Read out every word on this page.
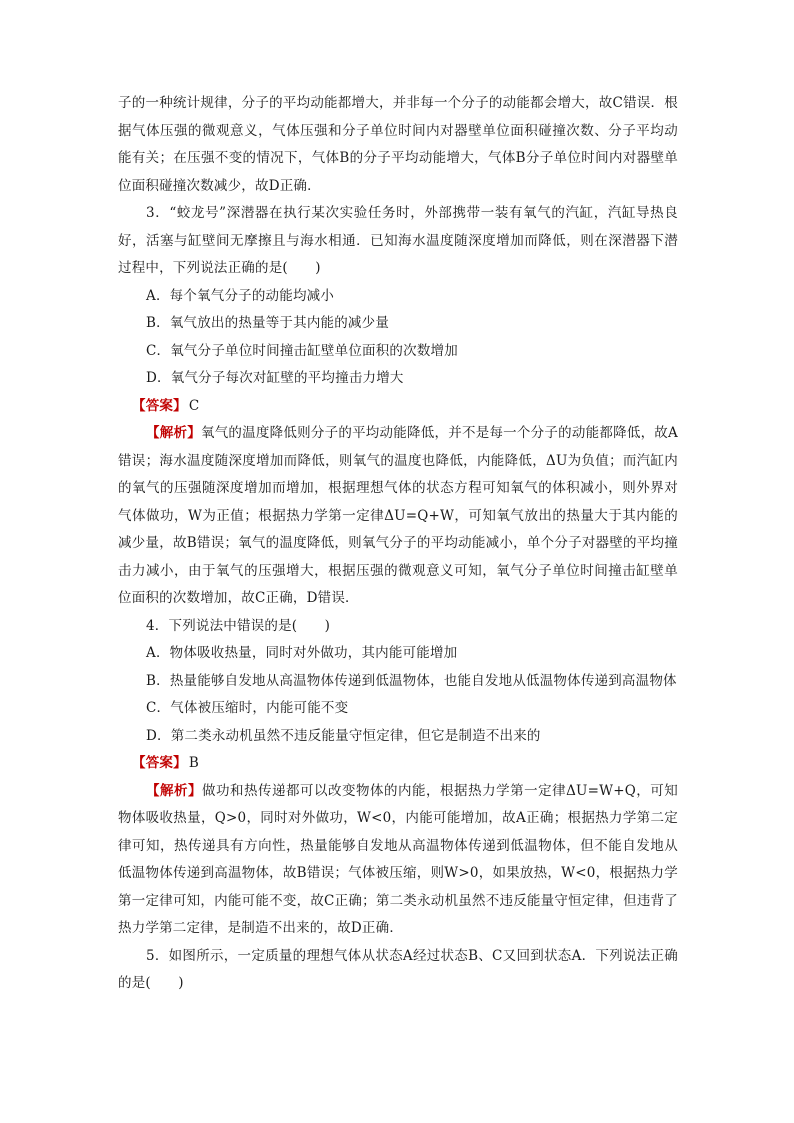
子的一种统计规律，分子的平均动能都增大，并非每一个分子的动能都会增大，故C错误．根据气体压强的微观意义，气体压强和分子单位时间内对器壁单位面积碰撞次数、分子平均动能有关；在压强不变的情况下，气体B的分子平均动能增大，气体B分子单位时间内对器壁单位面积碰撞次数减少，故D正确．

3．“蛟龙号”深潜器在执行某次实验任务时，外部携带一装有氧气的汽缸，汽缸导热良好，活塞与缸壁间无摩擦且与海水相通．已知海水温度随深度增加而降低，则在深潜器下潜过程中，下列说法正确的是(　　)

A．每个氧气分子的动能均减小

B．氧气放出的热量等于其内能的减少量

C．氧气分子单位时间撞击缸壁单位面积的次数增加

D．氧气分子每次对缸壁的平均撞击力增大

【答案】 C

【解析】氧气的温度降低则分子的平均动能降低，并不是每一个分子的动能都降低，故A错误；海水温度随深度增加而降低，则氧气的温度也降低，内能降低，ΔU为负值；而汽缸内的氧气的压强随深度增加而增加，根据理想气体的状态方程可知氧气的体积减小，则外界对气体做功，W为正值；根据热力学第一定律ΔU=Q+W，可知氧气放出的热量大于其内能的减少量，故B错误；氧气的温度降低，则氧气分子的平均动能减小，单个分子对器壁的平均撞击力减小，由于氧气的压强增大，根据压强的微观意义可知，氧气分子单位时间撞击缸壁单位面积的次数增加，故C正确，D错误．

4．下列说法中错误的是(　　)

A．物体吸收热量，同时对外做功，其内能可能增加

B．热量能够自发地从高温物体传递到低温物体，也能自发地从低温物体传递到高温物体

C．气体被压缩时，内能可能不变

D．第二类永动机虽然不违反能量守恒定律，但它是制造不出来的

【答案】 B

【解析】做功和热传递都可以改变物体的内能，根据热力学第一定律ΔU=W+Q，可知物体吸收热量，Q>0，同时对外做功，W<0，内能可能增加，故A正确；根据热力学第二定律可知，热传递具有方向性，热量能够自发地从高温物体传递到低温物体，但不能自发地从低温物体传递到高温物体，故B错误；气体被压缩，则W>0，如果放热，W<0，根据热力学第一定律可知，内能可能不变，故C正确；第二类永动机虽然不违反能量守恒定律，但违背了热力学第二定律，是制造不出来的，故D正确．

5．如图所示，一定质量的理想气体从状态A经过状态B、C又回到状态A．下列说法正确的是(　　)
